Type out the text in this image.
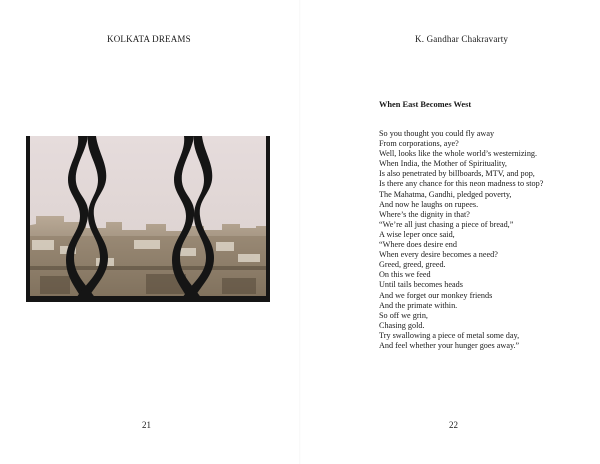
KOLKATA DREAMS
21
K. Gandhar Chakravarty
When East Becomes West
So you thought you could fly away
From corporations, aye?
Well, looks like the whole world’s westernizing.
When India, the Mother of Spirituality,
Is also penetrated by billboards, MTV, and pop,
Is there any chance for this neon madness to stop?
The Mahatma, Gandhi, pledged poverty,
And now he laughs on rupees.
Where’s the dignity in that?
“We’re all just chasing a piece of bread,”
A wise leper once said,
“Where does desire end
When every desire becomes a need?
Greed, greed, greed.
On this we feed
Until tails becomes heads
And we forget our monkey friends
And the primate within.
So off we grin,
Chasing gold.
Try swallowing a piece of metal some day,
And feel whether your hunger goes away.”
22
